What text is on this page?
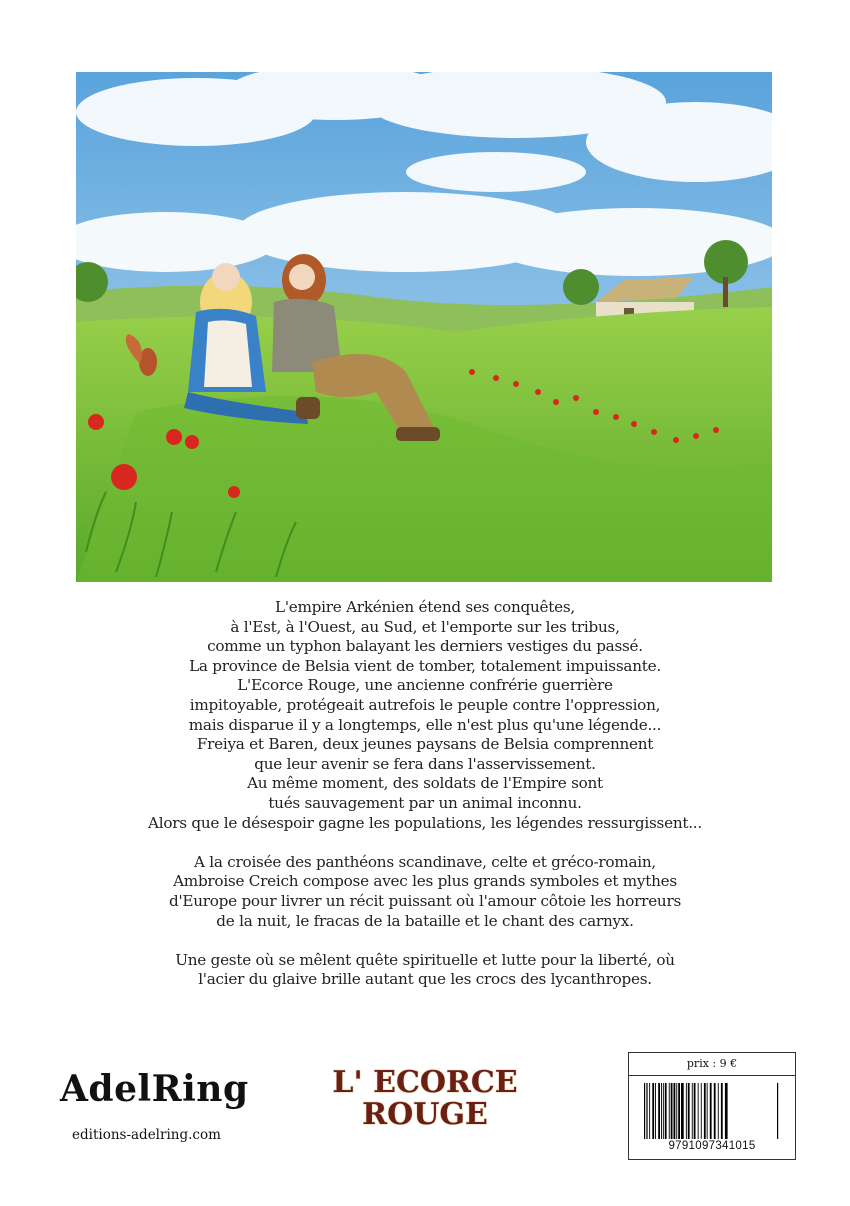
L'empire Arkénien étend ses conquêtes,
à l'Est, à l'Ouest, au Sud, et l'emporte sur les tribus,
comme un typhon balayant les derniers vestiges du passé.
La province de Belsia vient de tomber, totalement impuissante.
L'Ecorce Rouge, une ancienne confrérie guerrière
impitoyable, protégeait autrefois le peuple contre l'oppression,
mais disparue il y a longtemps, elle n'est plus qu'une légende...
Freiya et Baren, deux jeunes paysans de Belsia comprennent
que leur avenir se fera dans l'asservissement.
Au même moment, des soldats de l'Empire sont
tués sauvagement par un animal inconnu.
Alors que le désespoir gagne les populations, les légendes ressurgissent...
A la croisée des panthéons scandinave, celte et gréco-romain,
Ambroise Creich compose avec les plus grands symboles et mythes
d'Europe pour livrer un récit puissant où l'amour côtoie les horreurs
de la nuit, le fracas de la bataille et le chant des carnyx.
Une geste où se mêlent quête spirituelle et lutte pour la liberté, où
l'acier du glaive brille autant que les crocs des lycanthropes.
AdelRing
editions-adelring.com
L' ECORCE
ROUGE
prix : 9 €
9791097341015
